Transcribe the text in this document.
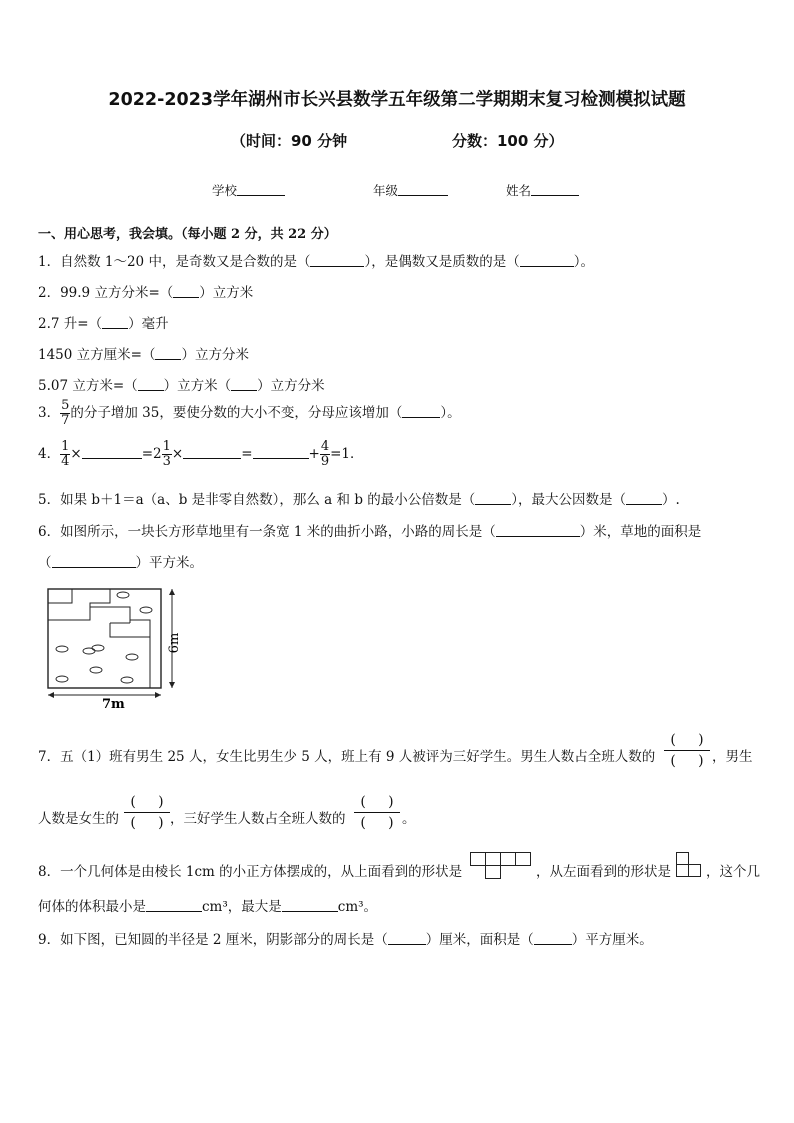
2022-2023学年湖州市长兴县数学五年级第二学期期末复习检测模拟试题
（时间：90 分钟	分数：100 分）
学校	年级	姓名
一、用心思考，我会填。（每小题 2 分，共 22 分）
1．自然数 1～20 中，是奇数又是合数的是（	），是偶数又是质数的是（	）。
2．99.9 立方分米=（ ）立方米
2.7 升=（ ）毫升
1450 立方厘米=（ ）立方分米
5.07 立方米=（ ）立方米（ ）立方分米
3． $\frac{5}{7}$ 的分子增加 35，要使分数的大小不变，分母应该增加（	）。
4． $\frac{1}{4}$ ×	$=2 \frac{1}{3}$ ×	=	+ $\frac{4}{9} =1$．
5．如果 b＋1＝a（a、b 是非零自然数），那么 a 和 b 的最小公倍数是（	），最大公因数是（	）.
6．如图所示，一块长方形草地里有一条宽 1 米的曲折小路，小路的周长是（	）米，草地的面积是
（	）平方米。
6m
7m
7．五（1）班有男生 25 人，女生比男生少 5 人，班上有 9 人被评为三好学生。男生人数占全班人数的 $\frac{( )}{( )}$ ，男生
人数是女生的 $\frac{( )}{( )}$ ，三好学生人数占全班人数的 $\frac{( )}{( )}$ 。
8．一个几何体是由棱长 1cm 的小正方体摆成的，从上面看到的形状是	，从左面看到的形状是	，这个几
何体的体积最小是	cm³，最大是	cm³。
9．如下图，已知圆的半径是 2 厘米，阴影部分的周长是（	）厘米，面积是（	）平方厘米。
